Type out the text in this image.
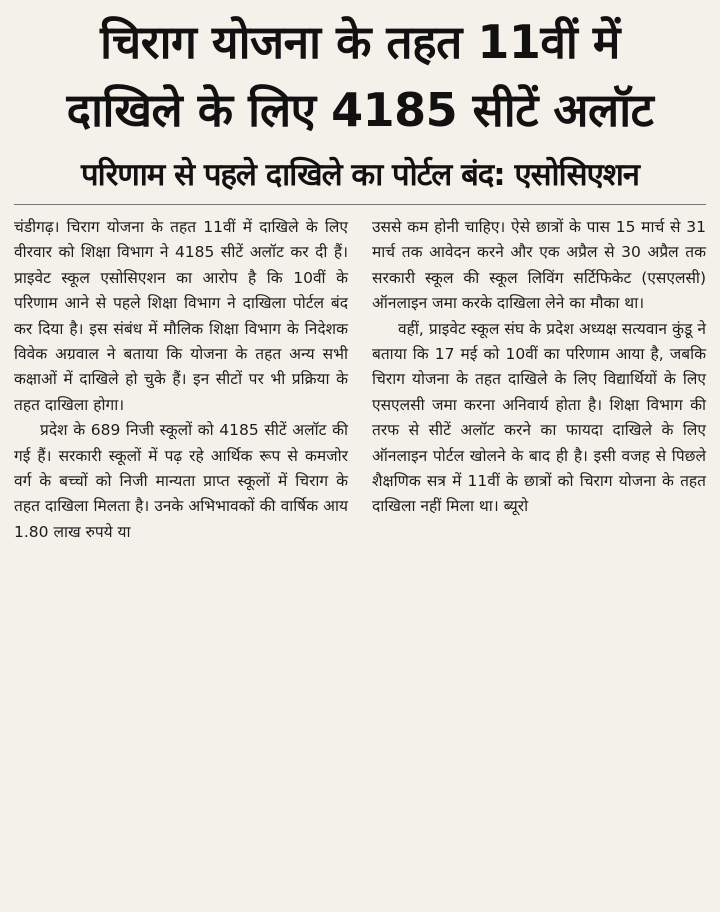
चिराग योजना के तहत 11वीं में
दाखिले के लिए 4185 सीटें अलॉट
परिणाम से पहले दाखिले का पोर्टल बंद: एसोसिएशन

चंडीगढ़। चिराग योजना के तहत 11वीं में दाखिले के लिए वीरवार को शिक्षा विभाग ने 4185 सीटें अलॉट कर दी हैं। प्राइवेट स्कूल एसोसिएशन का आरोप है कि 10वीं के परिणाम आने से पहले शिक्षा विभाग ने दाखिला पोर्टल बंद कर दिया है। इस संबंध में मौलिक शिक्षा विभाग के निदेशक विवेक अग्रवाल ने बताया कि योजना के तहत अन्य सभी कक्षाओं में दाखिले हो चुके हैं। इन सीटों पर भी प्रक्रिया के तहत दाखिला होगा।

प्रदेश के 689 निजी स्कूलों को 4185 सीटें अलॉट की गई हैं। सरकारी स्कूलों में पढ़ रहे आर्थिक रूप से कमजोर वर्ग के बच्चों को निजी मान्यता प्राप्त स्कूलों में चिराग के तहत दाखिला मिलता है। उनके अभिभावकों की वार्षिक आय 1.80 लाख रुपये या

उससे कम होनी चाहिए। ऐसे छात्रों के पास 15 मार्च से 31 मार्च तक आवेदन करने और एक अप्रैल से 30 अप्रैल तक सरकारी स्कूल की स्कूल लिविंग सर्टिफिकेट (एसएलसी) ऑनलाइन जमा करके दाखिला लेने का मौका था।

वहीं, प्राइवेट स्कूल संघ के प्रदेश अध्यक्ष सत्यवान कुंडू ने बताया कि 17 मई को 10वीं का परिणाम आया है, जबकि चिराग योजना के तहत दाखिले के लिए विद्यार्थियों के लिए एसएलसी जमा करना अनिवार्य होता है। शिक्षा विभाग की तरफ से सीटें अलॉट करने का फायदा दाखिले के लिए ऑनलाइन पोर्टल खोलने के बाद ही है। इसी वजह से पिछले शैक्षणिक सत्र में 11वीं के छात्रों को चिराग योजना के तहत दाखिला नहीं मिला था। ब्यूरो
